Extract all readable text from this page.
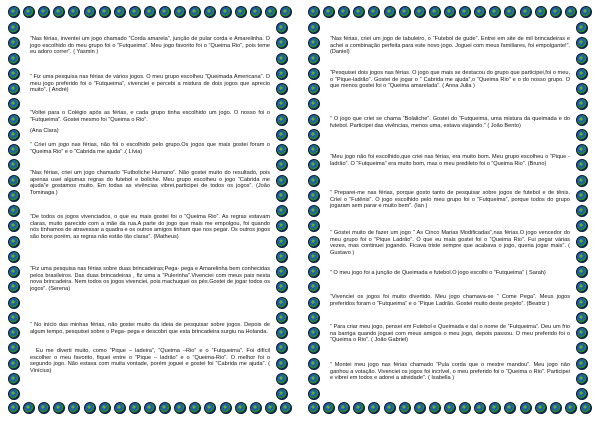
“Nas férias, inventei um jogo chamado “Corda amarela”, junção de pular corda e Amarelinha. O jogo escolhido do meu grupo foi o “Futqueima”. Meu jogo favorito foi o “Queima Rio”, pois teme eu adoro correr”. ( Yasmin )

“ Fiz uma pesquisa nas férias de vários jogos. O meu grupo escolheu “Queimada Americana”. O meu jogo preferido foi o “Futqueima”, vivenciei e percebi a mistura de dois jogos que aprecio muito”. ( André)

“Voltei para o Colégio após as férias, e cada grupo tinha escolhido um jogo. O nosso foi o “Futqueima”. Gostei mesmo foi “Queima o Rio”.

(Ana Clara)

“ Criei um jogo nas férias, não foi o escolhido pelo grupo.Os jogos que mais gostei foram o “Queima Rio” e o “Cabrida me ajuda” .( Lívia)

“Nas férias, criei um jogo chamado “Futboliche Humano”. Não gostei muito do resultado, pois apenas usei algumas regras do futebol e boliche. Meu grupo escolheu o jogo “Cabrida me ajuda”e gostamos muito. Em todas as vivências vibrei,participei de todos os jogos”. (João Tominaga )

“De todos os jogos vivenciados, o que eu mais gostei foi o “Queima Rio”. As regras estavam claras, muito parecido com a mãe da rua.A parte do jogo que mais me empolgou, foi quando nós tínhamos de atravessar a quadra e os outros amigos tinham que nos pegar. Os outros jogos são bons porém, as regras não estão tão claras”. (Matheus)

“Fiz uma pesquisa nas férias sobre duas brincadeiras;Pega- pega e Amarelinha bem conhecidas pelos brasileiros. Das duas brincadeiras , fiz uma a “Pulerinha”.Vivenciei com meus pais nesta nova brincadeira. Nem todos os jogos vivenciei, pois machuquei os pés.Gostei de jogar todos os jogos”. (Serena)

“ No início das minhas férias, não gostei muito da ideia de pesquisar sobre jogos. Depois de algum tempo, pesquisei sobre o Pega- pega e descobri que esta brincadeira surgiu na Holanda.

Eu me diverti muito, como “Pique – ladeira”, “Queima –Rio” e o “Futqueima”. Foi difícil escolher o meu favorito, fiquei entre o “Pique – ladrão” e o “Queima-Rio”. O melhor foi o segundo jogo. Não estava com muita vontade, porém joguei e gostei foi “Cabrida me ajuda”. ( Vinícius)

“Nas férias, criei um jogo de tabuleiro, o “Futebol de gude”. Entrei em site de mil brincadeiras e achei a combinação perfeita para este novo jogo. Joguei com meus familiares, foi empolgante!”. (Daniel)

“Pesquisei dois jogos nas férias. O jogo que mais se destacou do grupo que participei,foi o meu, o “Pique-ladrão”. Gostei de jogar o “ Cabrida me ajuda”,o “Queima Rio” e o do nosso grupo. O que menos gostei foi o “Queima amarelada”. ( Anna Julia )

“ O jogo que criei se chama “Bolaliche”. Gostei do “Futqueima, uma mistura da queimada e do futebol. Participei das vivências, menos uma, estava viajando.” ( João Bento)

“Meu jogo não foi escolhido,que criei nas férias, era muito bom. Meu grupo escolheu o “Pique - ladrão”. O “Futqueima” era muito bom, mas o meu predileto foi o “Queima Rio”. (Bruno)

“ Preparei-me nas férias, porque gosto tanto de pesquisar sobre jogos de futebol e de tênis. Criei o “Futênis”. O jogo escolhido pelo meu grupo foi o “Futqueima”, porque todos do grupo jogaram sem parar e muito bem”. (Ian )

“ Gostei muito de fazer um jogo “ As Cinco Marias Modificadas”,nas férias.O jogo vencedor do meu grupo foi o “Pique Ladrão”. O que eu mais gostei foi o “Queima Rio”. Fui pegar várias vezes, mas continuei jogando. Ficava triste sempre que acabava o jogo, queria jogar mais”. ( Gustavo )

“ O meu jogo foi a junção de Queimada e futebol.O jogo escolhi o “Futqueima” ( Sarah)

“Vivenciei os jogos foi muito divertido. Meu jogo chamava-se “ Come Pega”. Meus jogos preferidos foram o “Futqueima” e o “Pique Ladrão. Gostei muito deste projeto”. (Beatriz )

“ Para criar meu jogo, pensei em Futebol e Queimada e daí o nome de “Futqueima”. Deu um frio na barriga quando joguei com meus amigos o meu jogo, depois passou. O meu preferido foi o “Queima o Rio”. ( João Gabriel)

“ Montei meu jogo nas férias chamado “Pula corda que o mestre mandou”. Meu jogo não ganhou a votação. Vivenciei os jogos foi incrível, o meu preferido foi o “Queima o Rio”. Participei e vibrei em todos e adorei a atividade”. ( Isabella )
